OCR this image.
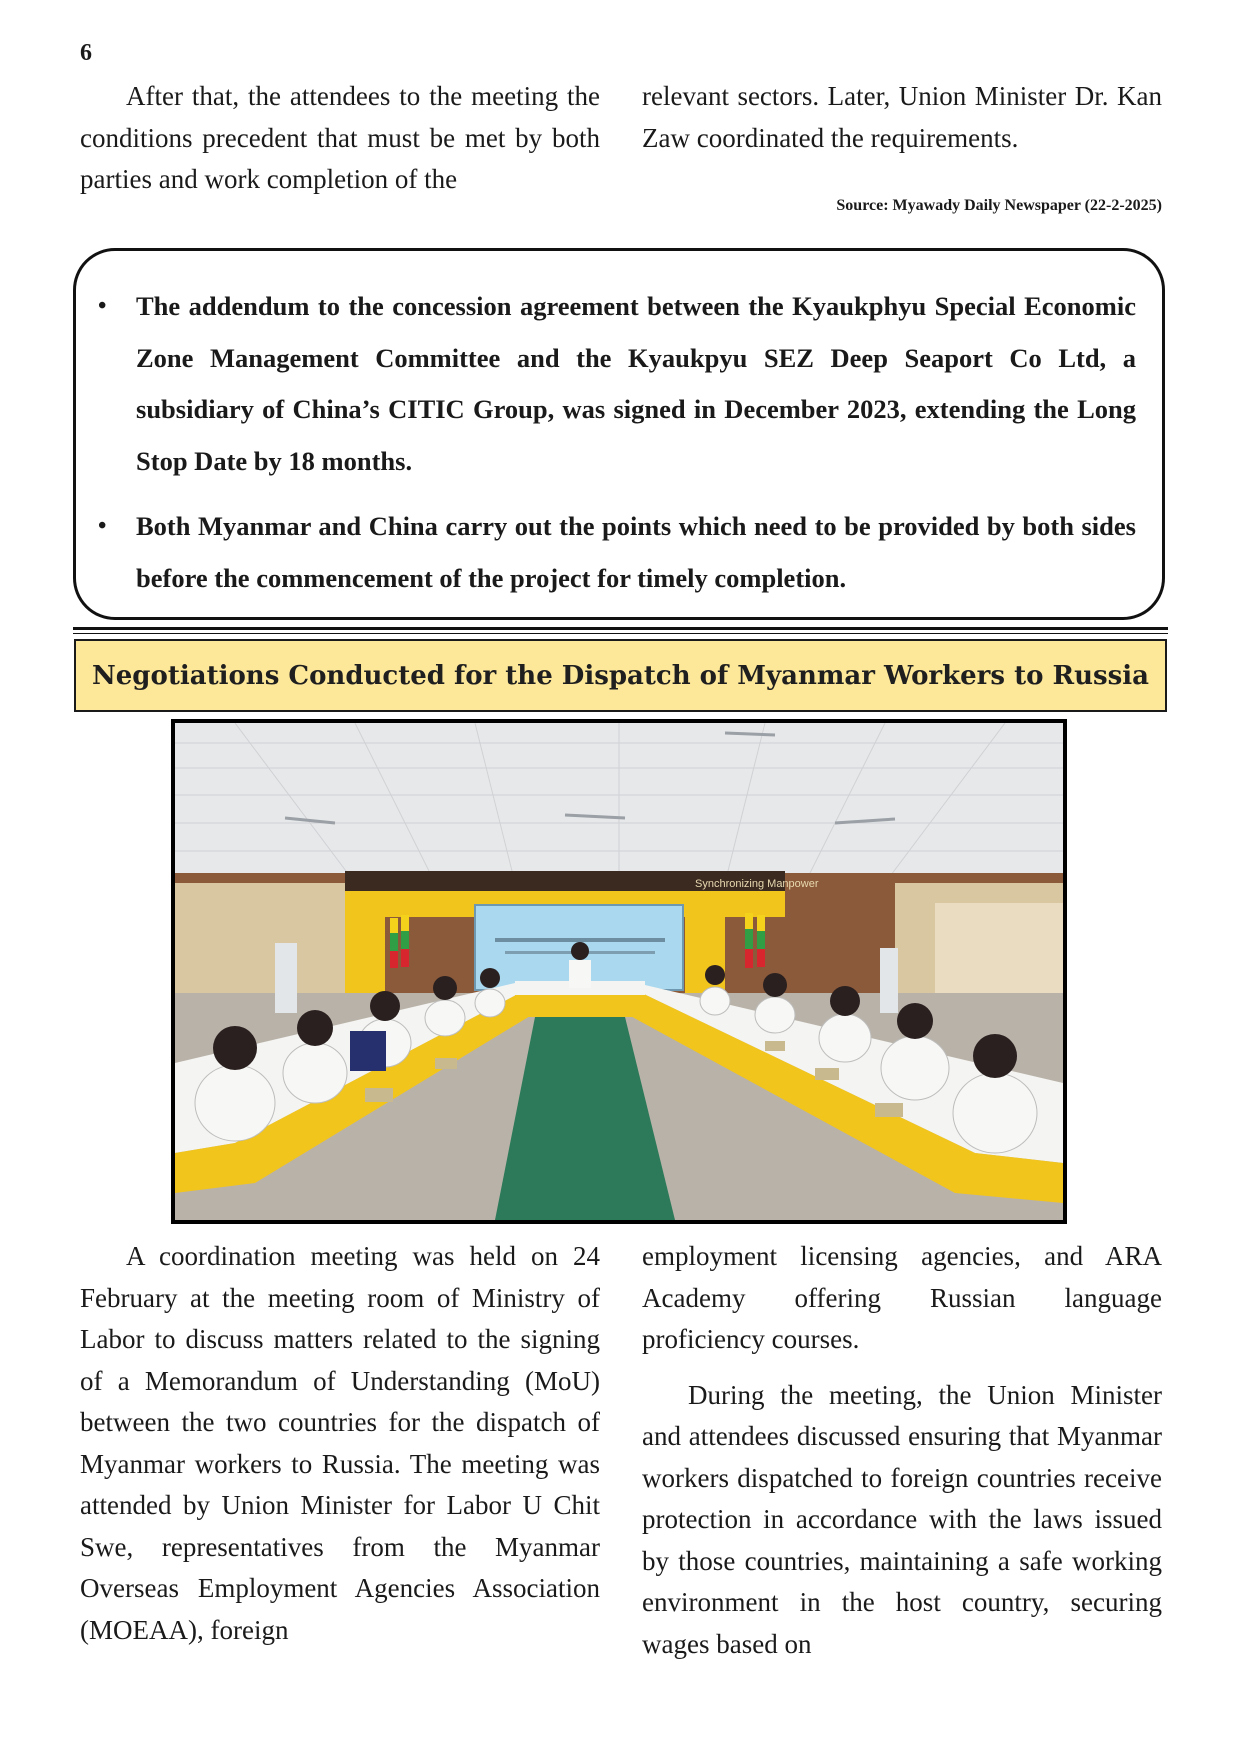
6

After that, the attendees to the meeting the conditions precedent that must be met by both parties and work completion of the

relevant sectors. Later, Union Minister Dr. Kan Zaw coordinated the requirements.

Source: Myawady Daily Newspaper (22-2-2025)
• The addendum to the concession agreement between the Kyaukphyu Special Economic Zone Management Committee and the Kyaukpyu SEZ Deep Seaport Co Ltd, a subsidiary of China’s CITIC Group, was signed in December 2023, extending the Long Stop Date by 18 months.
• Both Myanmar and China carry out the points which need to be provided by both sides before the commencement of the project for timely completion.
Negotiations Conducted for the Dispatch of Myanmar Workers to Russia
Synchronizing Manpower

A coordination meeting was held on 24 February at the meeting room of Ministry of Labor to discuss matters related to the signing of a Memorandum of Understanding (MoU) between the two countries for the dispatch of Myanmar workers to Russia. The meeting was attended by Union Minister for Labor U Chit Swe, representatives from the Myanmar Overseas Employment Agencies Association (MOEAA), foreign

employment licensing agencies, and ARA Academy offering Russian language proficiency courses.

During the meeting, the Union Minister and attendees discussed ensuring that Myanmar workers dispatched to foreign countries receive protection in accordance with the laws issued by those countries, maintaining a safe working environment in the host country, securing wages based on
